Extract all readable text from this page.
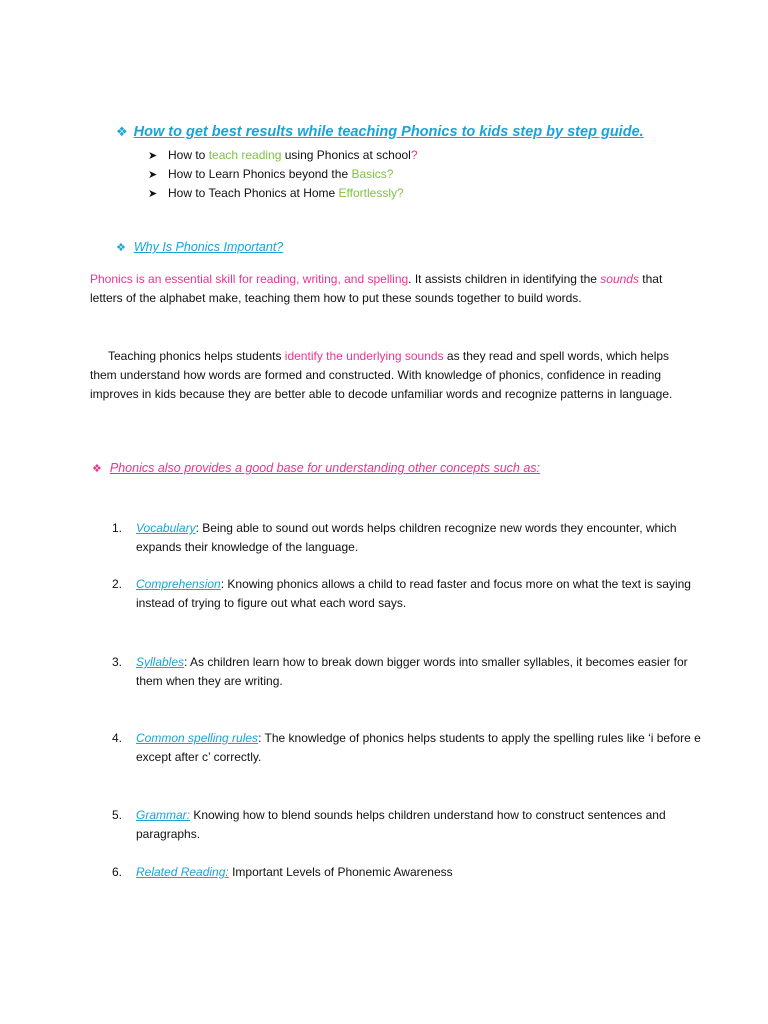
❖ How to get best results while teaching Phonics to kids step by step guide.
➤ How to teach reading using Phonics at school?
➤ How to Learn Phonics beyond the Basics?
➤ How to Teach Phonics at Home Effortlessly?
❖ Why Is Phonics Important?
Phonics is an essential skill for reading, writing, and spelling. It assists children in identifying the sounds that letters of the alphabet make, teaching them how to put these sounds together to build words.
Teaching phonics helps students identify the underlying sounds as they read and spell words, which helps them understand how words are formed and constructed. With knowledge of phonics, confidence in reading improves in kids because they are better able to decode unfamiliar words and recognize patterns in language.
❖ Phonics also provides a good base for understanding other concepts such as:
1.	Vocabulary: Being able to sound out words helps children recognize new words they encounter, which expands their knowledge of the language.
2.	Comprehension: Knowing phonics allows a child to read faster and focus more on what the text is saying instead of trying to figure out what each word says.
3.	Syllables: As children learn how to break down bigger words into smaller syllables, it becomes easier for them when they are writing.
4.	Common spelling rules: The knowledge of phonics helps students to apply the spelling rules like ‘i before e except after c’ correctly.
5.	Grammar: Knowing how to blend sounds helps children understand how to construct sentences and paragraphs.
6.	Related Reading: Important Levels of Phonemic Awareness
